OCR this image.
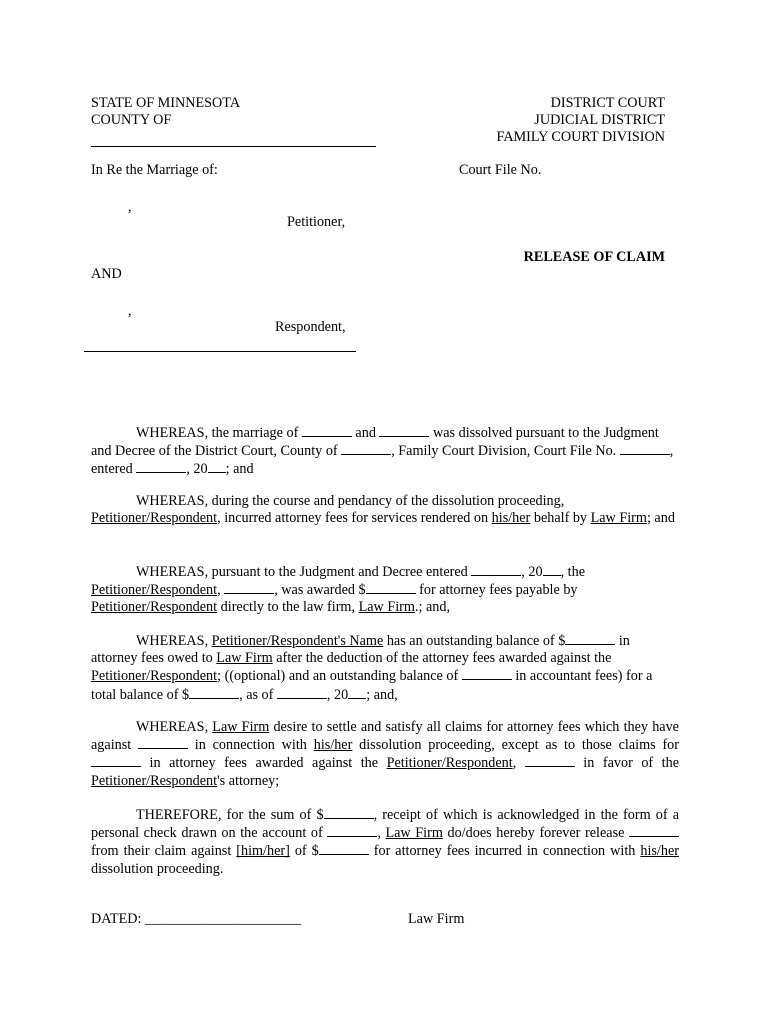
STATE OF MINNESOTA
COUNTY OF
DISTRICT COURT
JUDICIAL DISTRICT
FAMILY COURT DIVISION
In Re the Marriage of:	Court File No.
,
Petitioner,
RELEASE OF CLAIM
AND
,
Respondent,

WHEREAS, the marriage of	and	was dissolved pursuant to the Judgment and Decree of the District Court, County of	, Family Court Division, Court File No.	, entered	, 20 ; and

WHEREAS, during the course and pendancy of the dissolution proceeding, Petitioner/Respondent, incurred attorney fees for services rendered on his/her behalf by Law Firm; and

WHEREAS, pursuant to the Judgment and Decree entered	, 20 , the Petitioner/Respondent,	, was awarded $	for attorney fees payable by Petitioner/Respondent directly to the law firm, Law Firm.; and,

WHEREAS, Petitioner/Respondent's Name has an outstanding balance of $	in attorney fees owed to Law Firm after the deduction of the attorney fees awarded against the Petitioner/Respondent; ((optional) and an outstanding balance of	in accountant fees) for a total balance of $	, as of	, 20 ; and,

WHEREAS, Law Firm desire to settle and satisfy all claims for attorney fees which they have against	in connection with his/her dissolution proceeding, except as to those claims for  in attorney fees awarded against the Petitioner/Respondent,	in favor of the Petitioner/Respondent's attorney;

THEREFORE, for the sum of $	, receipt of which is acknowledged in the form of a personal check drawn on the account of	, Law Firm do/does hereby forever release  from their claim against [him/her] of $	for attorney fees incurred in connection with his/her dissolution proceeding.

DATED: ______________________	Law Firm
